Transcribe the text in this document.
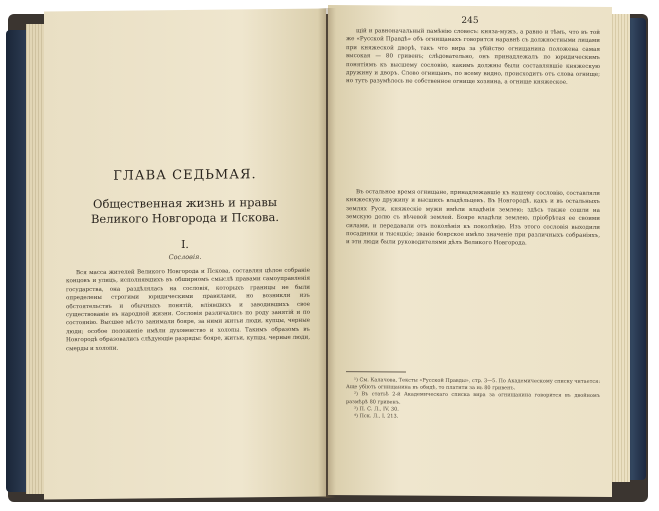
ГЛАВА СЕДЬМАЯ.
Общественная жизнь и нравы Великого Новгорода и Пскова.
I.
Сословія.
Вся масса жителей Великого Новгорода и Пскова, составляя цѣлое собраніе концовъ и улицъ, исполнявшихъ въ обширномъ смыслѣ правами самоуправленія государства, она раздѣлялась на сословія, которыхъ границы не были определены строгими юридическими правилами, но возникли изъ обстоятельствъ и обычныхъ понятій, вліявшихъ и заводившихъ свое существованіе въ народной жизни. Сословія различались по роду занятій и по состоянію. Высшее мѣсто занимали бояре, за ними житьи люди, купцы, черные люди; особое положеніе имѣли духовенство и холопы. Такимъ образомъ въ Новгородѣ образовались слѣдующіе разряды: бояре, житьи, купцы, черные люди, смерды и холопи.
245
щій и равноначальный памѣнію словесъ: княза-мужъ, а равно и тѣмъ, что въ той же «Русской Правдѣ» объ огнищанахъ говорится наравнѣ съ должностными лицами при княжеской дворѣ, такъ что вира за убійство огнищанина положена самая высокая — 80 гривенъ; слѣдовательно, онъ принадлежалъ по юридическимъ понятіямъ къ высшему сословію, какимъ должны были составлявшіе княжескую дружину и дворъ. Слово огнищанъ, по всему видно, происходитъ отъ слова огнище; но тутъ разумѣлось не собственное огнище хозяина, а огнище княжеское.
Въ остальное время огнищане, принадлежавшіе къ нашему сословію, составляли княжескую дружину и высшихъ владѣльцевъ. Въ Новгородѣ, какъ и въ остальныхъ землях Руси, княжескіе мужи имѣли владѣнія землею; здѣсь также сошли на земскую долю съ вѣчевой землей. Бояре владѣли землею, пріобрѣтая ее своими силами, и передавали отъ поколѣнія къ поколѣнію. Изъ этого сословія выходили посадники и тысяцкіе; званіе боярское имѣло значеніе при различныхъ собраніяхъ, и эти люди были руководителями дѣлъ Великого Новгорода.

¹) См. Калачова, Тексты «Русской Правды», стр. 3—5. По Академическому списку читается: Аще убіють огнищанина въ обидѣ, то платити за нь 80 гривенъ.

²) Въ статьѣ 2-й Академическаго списка вира за огнищанина говорится въ двойномъ размѣрѣ 80 гривенъ.

³) П. С. Л., IV, 30.

⁴) Пск. Л., I, 213.
